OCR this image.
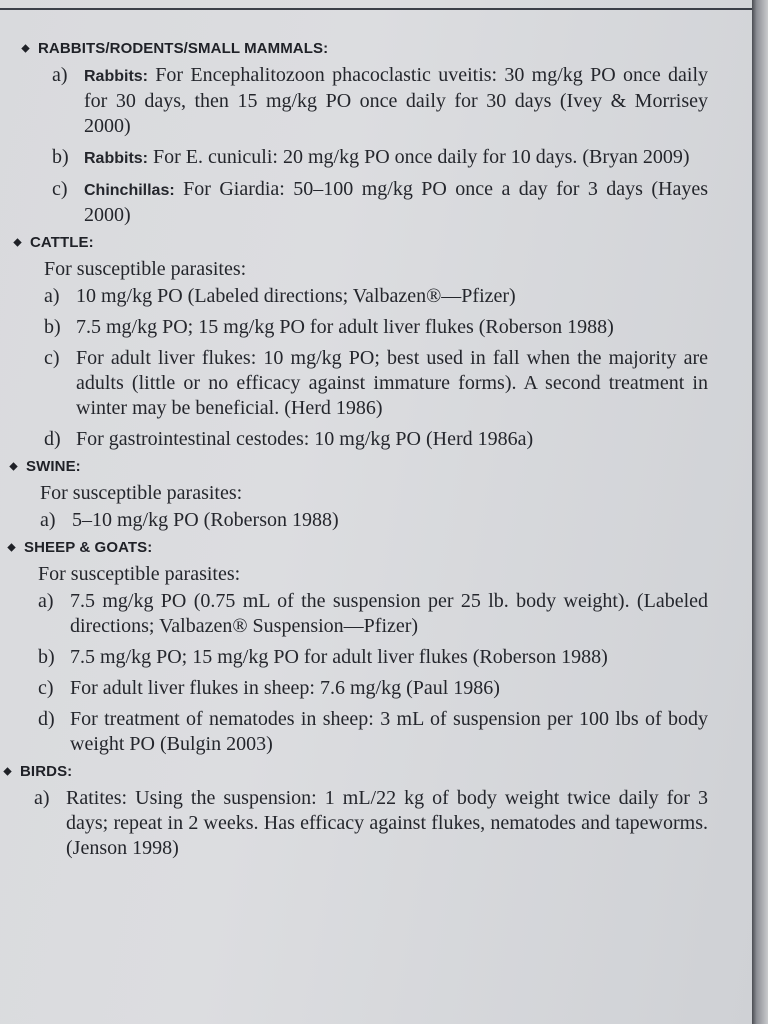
RABBITS/RODENTS/SMALL MAMMALS:
a)	Rabbits: For Encephalitozoon phacoclastic uveitis: 30 mg/kg PO once daily for 30 days, then 15 mg/kg PO once daily for 30 days (Ivey & Morrisey 2000)
b) Rabbits: For E. cuniculi: 20 mg/kg PO once daily for 10 days. (Bryan 2009)
c)	Chinchillas: For Giardia: 50–100 mg/kg PO once a day for 3 days (Hayes 2000)
CATTLE:
For susceptible parasites:
a) 10 mg/kg PO (Labeled directions; Valbazen®—Pfizer)
b) 7.5 mg/kg PO; 15 mg/kg PO for adult liver flukes (Roberson 1988)
c) For adult liver flukes: 10 mg/kg PO; best used in fall when the majority are adults (little or no efficacy against immature forms). A second treatment in winter may be beneficial. (Herd 1986)
d) For gastrointestinal cestodes: 10 mg/kg PO (Herd 1986a)
SWINE:
For susceptible parasites:
a) 5–10 mg/kg PO (Roberson 1988)
SHEEP & GOATS:
For susceptible parasites:
a) 7.5 mg/kg PO (0.75 mL of the suspension per 25 lb. body weight). (Labeled directions; Valbazen® Suspension—Pfizer)
b) 7.5 mg/kg PO; 15 mg/kg PO for adult liver flukes (Roberson 1988)
c) For adult liver flukes in sheep: 7.6 mg/kg (Paul 1986)
d) For treatment of nematodes in sheep: 3 mL of suspension per 100 lbs of body weight PO (Bulgin 2003)
BIRDS:
a) Ratites: Using the suspension: 1 mL/22 kg of body weight twice daily for 3 days; repeat in 2 weeks. Has efficacy against flukes, nematodes and tapeworms. (Jenson 1998)
